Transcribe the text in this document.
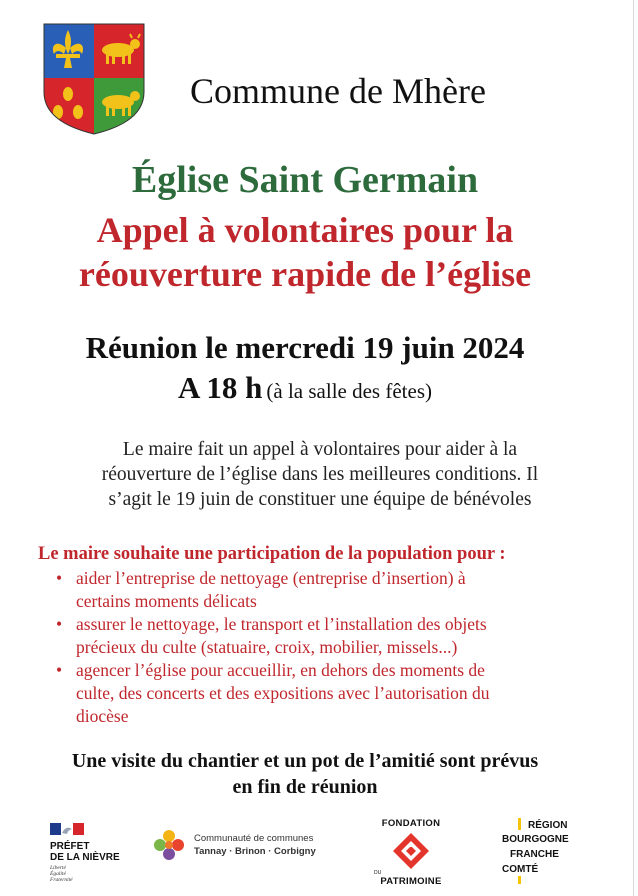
Commune de Mhère
Église Saint Germain
Appel à volontaires pour la
réouverture rapide de l’église
Réunion le mercredi 19 juin 2024
A 18 h (à la salle des fêtes)
Le maire fait un appel à volontaires pour aider à la
réouverture de l’église dans les meilleures conditions. Il
s’agit le 19 juin de constituer une équipe de bénévoles
Le maire souhaite une participation de la population pour :
• aider l’entreprise de nettoyage (entreprise d’insertion) à
certains moments délicats
• assurer le nettoyage, le transport et l’installation des objets
précieux du culte (statuaire, croix, mobilier, missels...)
• agencer l’église pour accueillir, en dehors des moments de
culte, des concerts et des expositions avec l’autorisation du
diocèse
Une visite du chantier et un pot de l’amitié sont prévus
en fin de réunion
PRÉFET
DE LA NIÈVRE
Liberté
Égalité
Fraternité
Communauté de communes
Tannay · Brinon · Corbigny
FONDATION
DU
PATRIMOINE
RÉGION
BOURGOGNE
FRANCHE
COMTÉ
